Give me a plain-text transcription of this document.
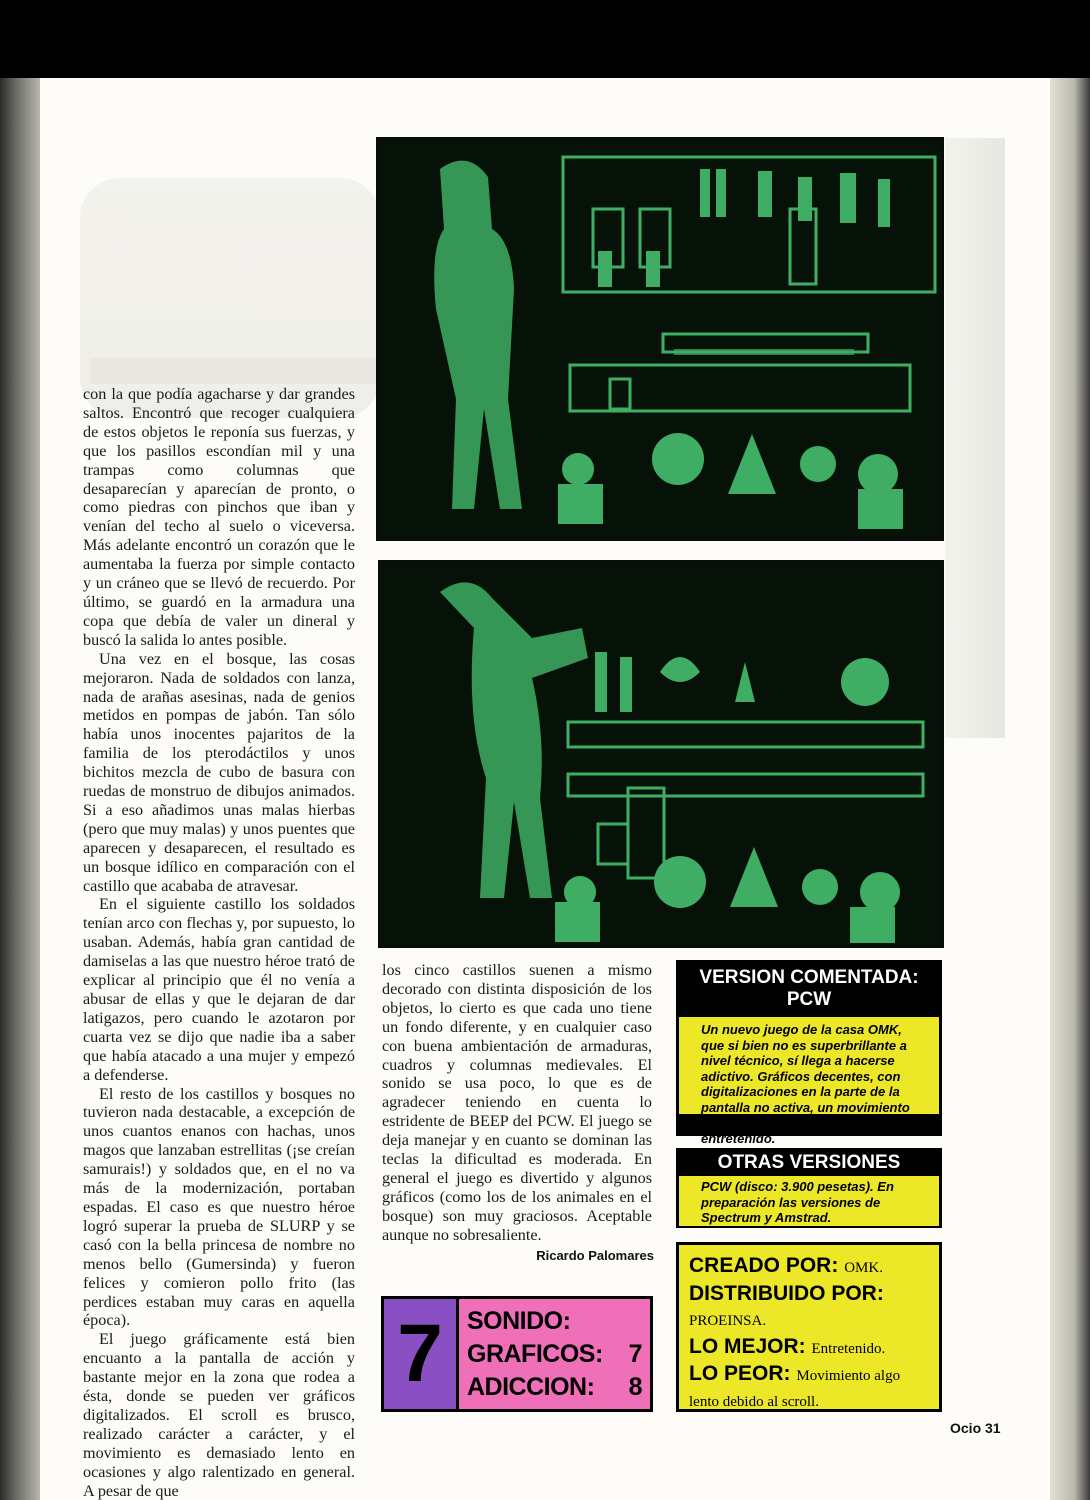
con la que podía agacharse y dar grandes saltos. Encontró que recoger cualquiera de estos objetos le reponía sus fuerzas, y que los pasillos escondían mil y una trampas como columnas que desaparecían y aparecían de pronto, o como piedras con pinchos que iban y venían del techo al suelo o viceversa. Más adelante encontró un corazón que le aumentaba la fuerza por simple contacto y un cráneo que se llevó de recuerdo. Por último, se guardó en la armadura una copa que debía de valer un dineral y buscó la salida lo antes posible.

Una vez en el bosque, las cosas mejoraron. Nada de soldados con lanza, nada de arañas asesinas, nada de genios metidos en pompas de jabón. Tan sólo había unos inocentes pajaritos de la familia de los pterodáctilos y unos bichitos mezcla de cubo de basura con ruedas de monstruo de dibujos animados. Si a eso añadimos unas malas hierbas (pero que muy malas) y unos puentes que aparecen y desaparecen, el resultado es un bosque idílico en comparación con el castillo que acababa de atravesar.

En el siguiente castillo los soldados tenían arco con flechas y, por supuesto, lo usaban. Además, había gran cantidad de damiselas a las que nuestro héroe trató de explicar al principio que él no venía a abusar de ellas y que le dejaran de dar latigazos, pero cuando le azotaron por cuarta vez se dijo que nadie iba a saber que había atacado a una mujer y empezó a defenderse.

El resto de los castillos y bosques no tuvieron nada destacable, a excepción de unos cuantos enanos con hachas, unos magos que lanzaban estrellitas (¡se creían samurais!) y soldados que, en el no va más de la modernización, portaban espadas. El caso es que nuestro héroe logró superar la prueba de SLURP y se casó con la bella princesa de nombre no menos bello (Gumersinda) y fueron felices y comieron pollo frito (las perdices estaban muy caras en aquella época).

El juego gráficamente está bien encuanto a la pantalla de acción y bastante mejor en la zona que rodea a ésta, donde se pueden ver gráficos digitalizados. El scroll es brusco, realizado carácter a carácter, y el movimiento es demasiado lento en ocasiones y algo ralentizado en general. A pesar de que

los cinco castillos suenen a mismo decorado con distinta disposición de los objetos, lo cierto es que cada uno tiene un fondo diferente, y en cualquier caso con buena ambientación de armaduras, cuadros y columnas medievales. El sonido se usa poco, lo que es de agradecer teniendo en cuenta lo estridente de BEEP del PCW. El juego se deja manejar y en cuanto se dominan las teclas la dificultad es moderada. En general el juego es divertido y algunos gráficos (como los de los animales en el bosque) son muy graciosos. Aceptable aunque no sobresaliente.

Ricardo Palomares
7 SONIDO:
GRAFICOS: 7
ADICCION: 8
VERSION COMENTADA: PCW
Un nuevo juego de la casa OMK, que si bien no es superbrillante a nivel técnico, sí llega a hacerse adictivo. Gráficos decentes, con digitalizaciones en la parte de la pantalla no activa, un movimiento adecuado y un desarrollo entretenido.
OTRAS VERSIONES
PCW (disco: 3.900 pesetas). En preparación las versiones de Spectrum y Amstrad.
CREADO POR: OMK.
DISTRIBUIDO POR:
PROEINSA.
LO MEJOR: Entretenido.
LO PEOR: Movimiento algo lento debido al scroll.
Ocio 31
